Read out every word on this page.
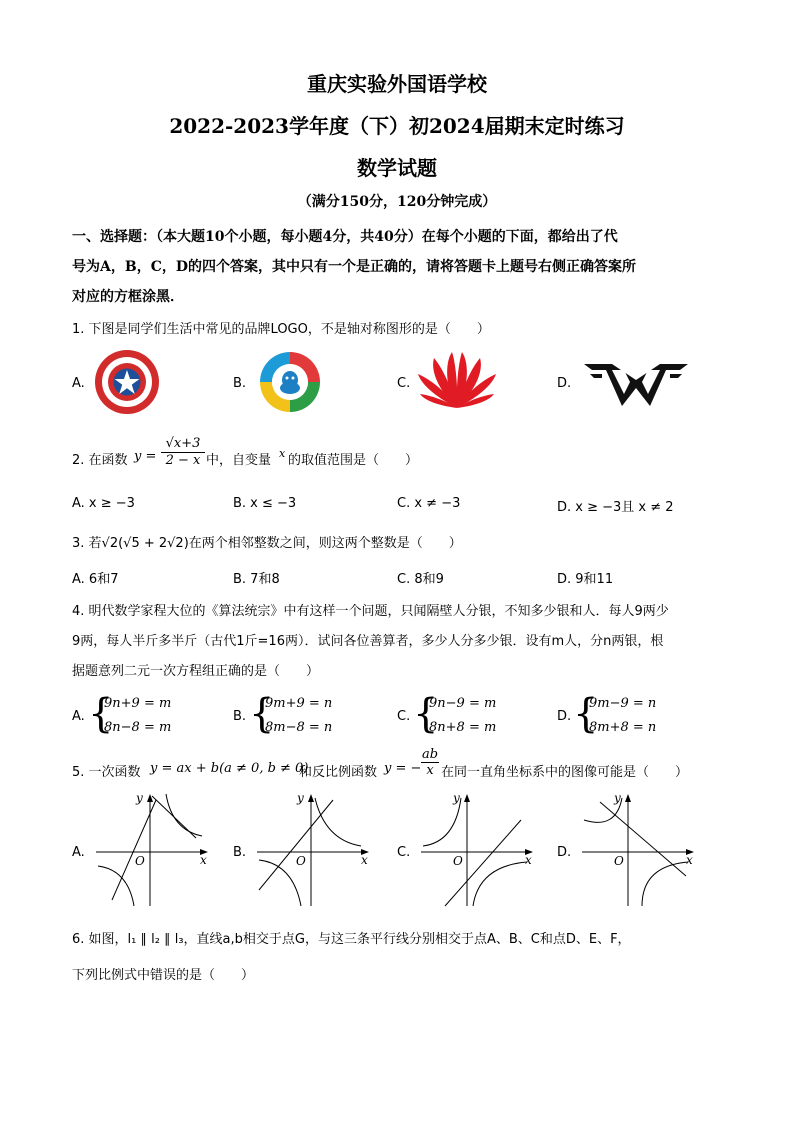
重庆实验外国语学校
2022-2023学年度（下）初2024届期末定时练习
数学试题
（满分150分，120分钟完成）
一、选择题：（本大题10个小题，每小题4分，共40分）在每个小题的下面，都给出了代
号为A，B，C，D的四个答案，其中只有一个是正确的，请将答题卡上题号右侧正确答案所
对应的方框涂黑．
1. 下图是同学们生活中常见的品牌LOGO，不是轴对称图形的是（　　）
A.	B.	C.	D.
2. 在函数 $y = \frac{√x+3}{2 - x}$ 中，自变量 x 的取值范围是（　　）
A. x ≥ −3	B. x ≤ −3	C. x ≠ −3	D. x ≥ −3且 x ≠ 2
3. 若√2(√5 + 2√2)在两个相邻整数之间，则这两个整数是（　　）
A. 6和7	B. 7和8	C. 8和9	D. 9和11
4. 明代数学家程大位的《算法统宗》中有这样一个问题，只闻隔壁人分银，不知多少银和人．每人9两少
9两，每人半斤多半斤（古代1斤=16两）．试问各位善算者，多少人分多少银．设有m人，分n两银，根
据题意列二元一次方程组正确的是（　　）
A. {
9n+9 = m
8n−8 = m
B. {
9m+9 = n
8m−8 = n
C. {
9n−9 = m
8n+8 = m
D. {
9m−9 = n
8m+8 = n
5. 一次函数 y = ax + b(a ≠ 0, b ≠ 0)
和反比例函数 y = − $\frac{ab}{x}$ 在同一直角坐标系中的图像可能是（　　）
A.	B.	C.	D.
x
y
O	x
y
O	x
y
O	x
y
O
6. 如图，l₁ ∥ l₂ ∥ l₃，直线a,b相交于点G，与这三条平行线分别相交于点A、B、C和点D、E、F，
下列比例式中错误的是（　　）
